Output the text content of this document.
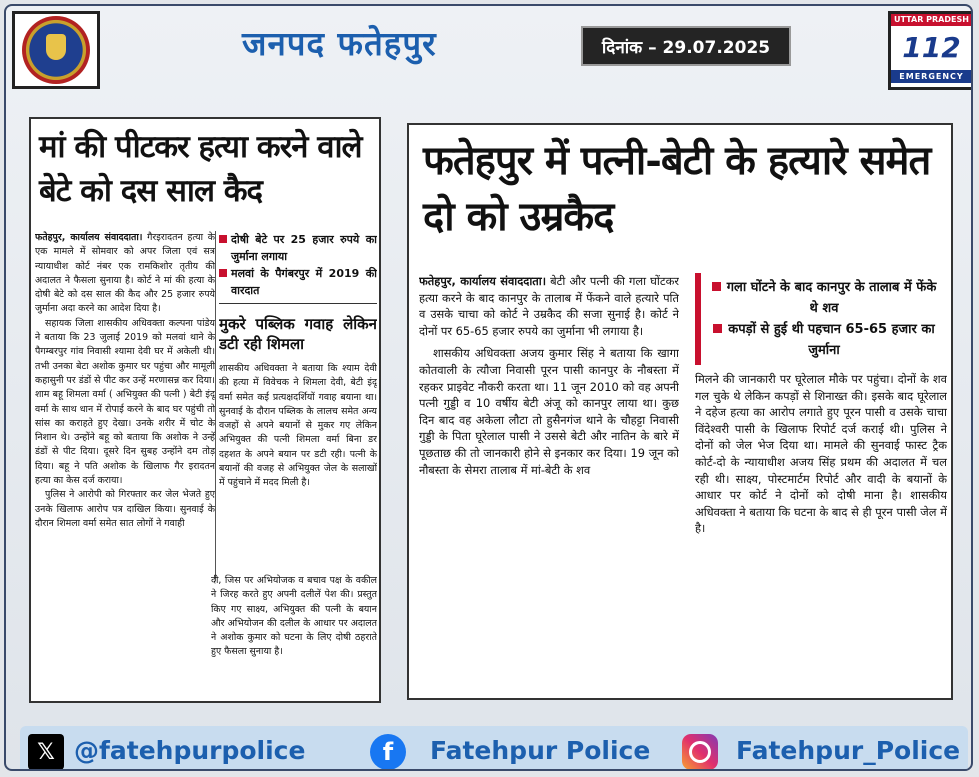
जनपद फतेहपुर	दिनांक – 29.07.2025
UTTAR PRADESH
112
EMERGENCY
मां की पीटकर हत्या करने वाले बेटे को दस साल कैद

फतेहपुर, कार्यालय संवाददाता। गैरइरादतन हत्या के एक मामले में सोमवार को अपर जिला एवं सत्र न्यायाधीश कोर्ट नंबर एक रामकिशोर तृतीय की अदालत ने फैसला सुनाया है। कोर्ट ने मां की हत्या के दोषी बेटे को दस साल की कैद और 25 हजार रुपये जुर्माना अदा करने का आदेश दिया है।

सहायक जिला शासकीय अधिवक्ता कल्पना पांडेय ने बताया कि 23 जुलाई 2019 को मलवां थाने के पैगम्बरपुर गांव निवासी श्यामा देवी घर में अकेली थी। तभी उनका बेटा अशोक कुमार घर पहुंचा और मामूली कहासुनी पर डंडों से पीट कर उन्हें मरणासन्न कर दिया। शाम बहू शिमला वर्मा ( अभियुक्त की पत्नी ) बेटी इंदू वर्मा के साथ धान में रोपाई करने के बाद घर पहुंची तो सांस का कराहते हुए देखा। उनके शरीर में चोट के निशान थे। उन्होंने बहू को बताया कि अशोक ने उन्हें डंडों से पीट दिया। दूसरे दिन सुबह उन्होंने दम तोड़ दिया। बहू ने पति अशोक के खिलाफ गैर इरादतन हत्या का केस दर्ज कराया।

पुलिस ने आरोपी को गिरफ्तार कर जेल भेजते हुए उनके खिलाफ आरोप पत्र दाखिल किया। सुनवाई के दौरान शिमला वर्मा समेत सात लोगों ने गवाही

दोषी बेटे पर 25 हजार रुपये का जुर्माना लगाया
मलवां के पैगंबरपुर में 2019 की वारदात
मुकरे पब्लिक गवाह लेकिन डटी रही शिमला
शासकीय अधिवक्ता ने बताया कि श्याम देवी की हत्या में विवेचक ने शिमला देवी, बेटी इंदू वर्मा समेत कई प्रत्यक्षदर्शियों गवाह बयाना था। सुनवाई के दौरान पब्लिक के लालच समेत अन्य वजहों से अपने बयानों से मुकर गए लेकिन अभियुक्त की पत्नी शिमला वर्मा बिना डर दहशत के अपने बयान पर डटी रही। पत्नी के बयानों की वजह से अभियुक्त जेल के सलाखों में पहुंचाने में मदद मिली है।
दी, जिस पर अभियोजक व बचाव पक्ष के वकील ने जिरह करते हुए अपनी दलीलें पेश की। प्रस्तुत किए गए साक्ष्य, अभियुक्त की पत्नी के बयान और अभियोजन की दलील के आधार पर अदालत ने अशोक कुमार को घटना के लिए दोषी ठहराते हुए फैसला सुनाया है।
फतेहपुर में पत्नी-बेटी के हत्यारे समेत दो को उम्रकैद

फतेहपुर, कार्यालय संवाददाता। बेटी और पत्नी की गला घोंटकर हत्या करने के बाद कानपुर के तालाब में फेंकने वाले हत्यारे पति व उसके चाचा को कोर्ट ने उम्रकैद की सजा सुनाई है। कोर्ट ने दोनों पर 65-65 हजार रुपये का जुर्माना भी लगाया है।

शासकीय अधिवक्ता अजय कुमार सिंह ने बताया कि खागा कोतवाली के त्यौजा निवासी पूरन पासी कानपुर के नौबस्ता में रहकर प्राइवेट नौकरी करता था। 11 जून 2010 को वह अपनी पत्नी गुड्डी व 10 वर्षीय बेटी अंजू को कानपुर लाया था। कुछ दिन बाद वह अकेला लौटा तो हुसैनगंज थाने के चौहट्टा निवासी गुड्डी के पिता घूरेलाल पासी ने उससे बेटी और नातिन के बारे में पूछताछ की तो जानकारी होने से इनकार कर दिया। 19 जून को नौबस्ता के सेमरा तालाब में मां-बेटी के शव

गला घोंटने के बाद कानपुर के तालाब में फेंके थे शव
कपड़ों से हुई थी पहचान 65-65 हजार का जुर्माना
मिलने की जानकारी पर घूरेलाल मौके पर पहुंचा। दोनों के शव गल चुके थे लेकिन कपड़ों से शिनाख्त की। इसके बाद घूरेलाल ने दहेज हत्या का आरोप लगाते हुए पूरन पासी व उसके चाचा विंदेश्वरी पासी के खिलाफ रिपोर्ट दर्ज कराई थी। पुलिस ने दोनों को जेल भेज दिया था। मामले की सुनवाई फास्ट ट्रैक कोर्ट-दो के न्यायाधीश अजय सिंह प्रथम की अदालत में चल रही थी। साक्ष्य, पोस्टमार्टम रिपोर्ट और वादी के बयानों के आधार पर कोर्ट ने दोनों को दोषी माना है। शासकीय अधिवक्ता ने बताया कि घटना के बाद से ही पूरन पासी जेल में है।
𝕏 @fatehpurpolice	f	Fatehpur Police	Fatehpur_Police
